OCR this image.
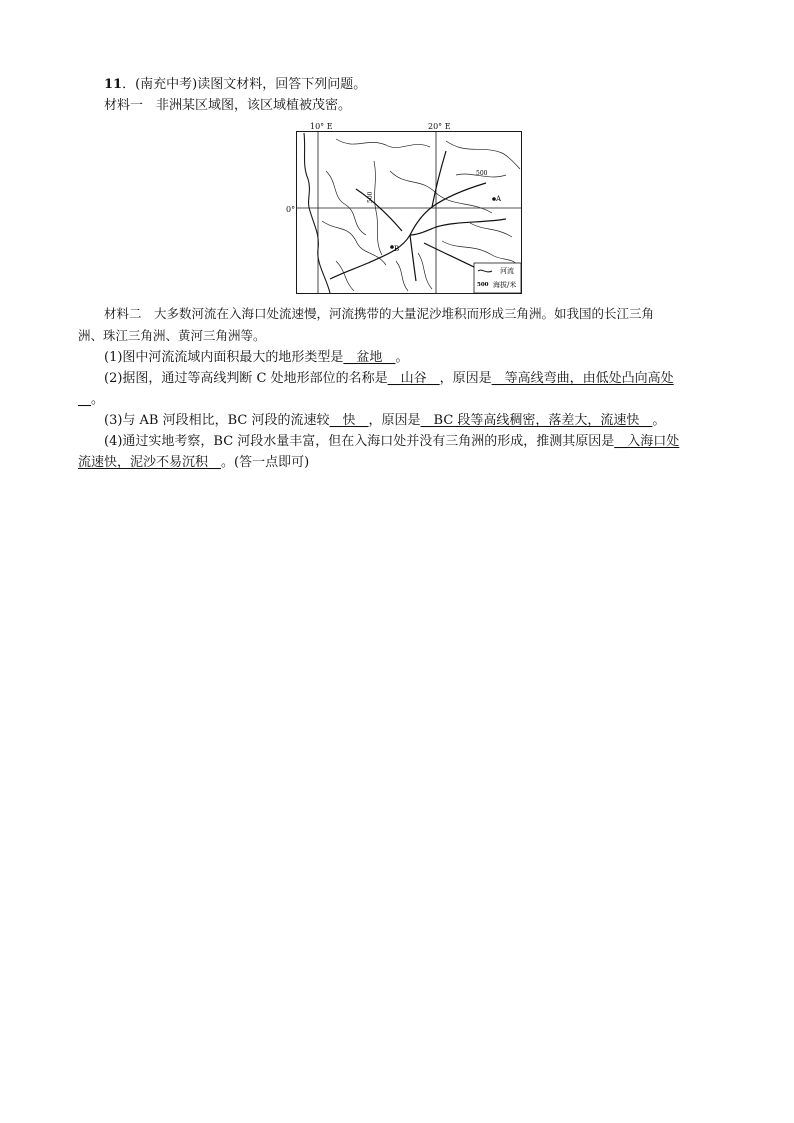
11．(南充中考)读图文材料，回答下列问题。
材料一　 非洲某区域图，该区域植被茂密。
10° E	20° E
0°
A
B
500
500
河流
500 海拔/米
材料二　 大多数河流在入海口处流速慢，河流携带的大量泥沙堆积而形成三角洲。如我国的长江三角
洲、珠江三角洲、黄河三角洲等。
(1)图中河流流域内面积最大的地形类型是__盆地__。
(2)据图，通过等高线判断 C 处地形部位的名称是__山谷__，原因是__等高线弯曲，由低处凸向高处
__。
(3)与 AB 河段相比，BC 河段的流速较__快__，原因是__BC 段等高线稠密，落差大，流速快__。
(4)通过实地考察，BC 河段水量丰富，但在入海口处并没有三角洲的形成，推测其原因是__入海口处
流速快，泥沙不易沉积__。(答一点即可)
